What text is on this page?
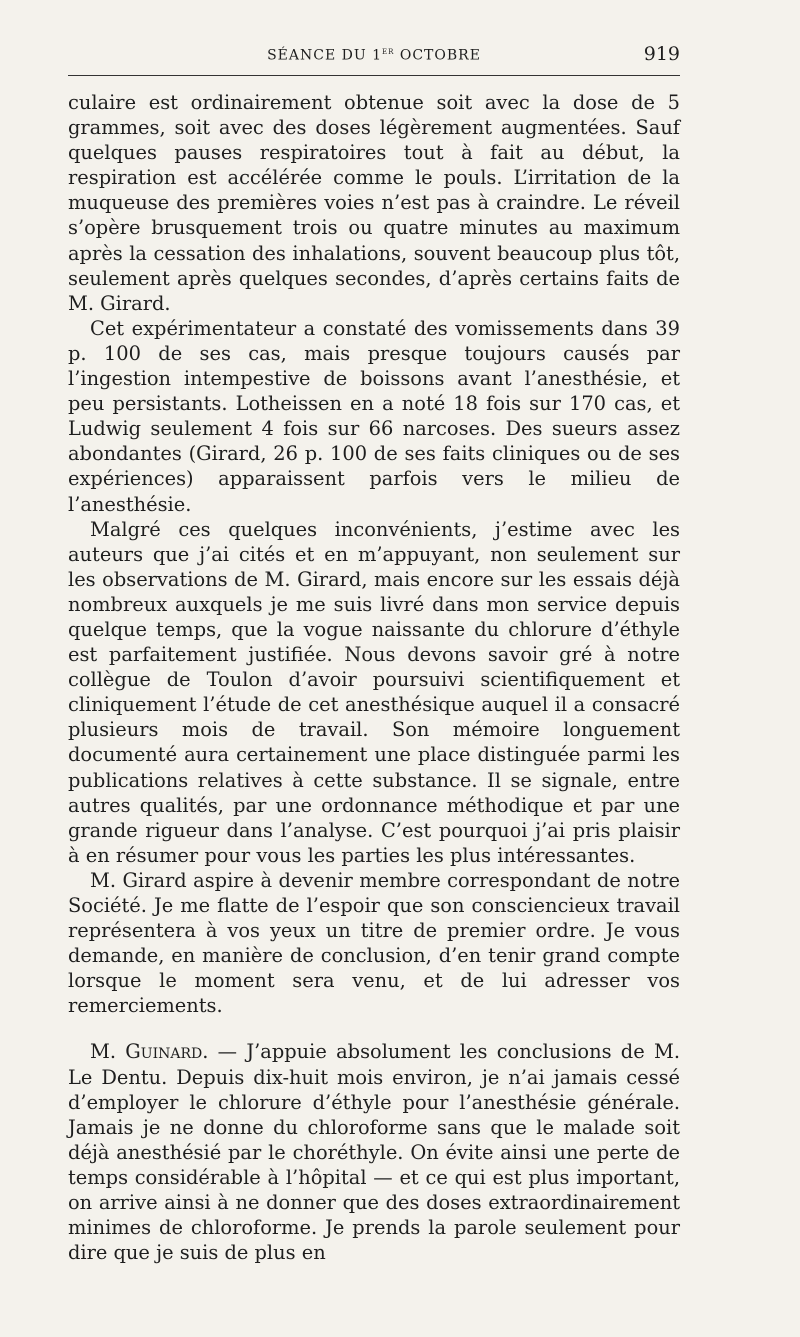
SÉANCE DU 1er OCTOBRE	919

culaire est ordinairement obtenue soit avec la dose de 5 grammes, soit avec des doses légèrement augmentées. Sauf quelques pauses respiratoires tout à fait au début, la respiration est accélérée comme le pouls. L’irritation de la muqueuse des premières voies n’est pas à craindre. Le réveil s’opère brusquement trois ou quatre minutes au maximum après la cessation des inhalations, souvent beaucoup plus tôt, seulement après quelques secondes, d’après certains faits de M. Girard.

Cet expérimentateur a constaté des vomissements dans 39 p. 100 de ses cas, mais presque toujours causés par l’ingestion intempestive de boissons avant l’anesthésie, et peu persistants. Lotheissen en a noté 18 fois sur 170 cas, et Ludwig seulement 4 fois sur 66 narcoses. Des sueurs assez abondantes (Girard, 26 p. 100 de ses faits cliniques ou de ses expériences) apparaissent parfois vers le milieu de l’anesthésie.

Malgré ces quelques inconvénients, j’estime avec les auteurs que j’ai cités et en m’appuyant, non seulement sur les observations de M. Girard, mais encore sur les essais déjà nombreux auxquels je me suis livré dans mon service depuis quelque temps, que la vogue naissante du chlorure d’éthyle est parfaitement justifiée. Nous devons savoir gré à notre collègue de Toulon d’avoir poursuivi scientifiquement et cliniquement l’étude de cet anesthésique auquel il a consacré plusieurs mois de travail. Son mémoire longuement documenté aura certainement une place distinguée parmi les publications relatives à cette substance. Il se signale, entre autres qualités, par une ordonnance méthodique et par une grande rigueur dans l’analyse. C’est pourquoi j’ai pris plaisir à en résumer pour vous les parties les plus intéressantes.

M. Girard aspire à devenir membre correspondant de notre Société. Je me flatte de l’espoir que son consciencieux travail représentera à vos yeux un titre de premier ordre. Je vous demande, en manière de conclusion, d’en tenir grand compte lorsque le moment sera venu, et de lui adresser vos remerciements.

M. Guinard. — J’appuie absolument les conclusions de M. Le Dentu. Depuis dix-huit mois environ, je n’ai jamais cessé d’employer le chlorure d’éthyle pour l’anesthésie générale. Jamais je ne donne du chloroforme sans que le malade soit déjà anesthésié par le choréthyle. On évite ainsi une perte de temps considérable à l’hôpital — et ce qui est plus important, on arrive ainsi à ne donner que des doses extraordinairement minimes de chloroforme. Je prends la parole seulement pour dire que je suis de plus en
